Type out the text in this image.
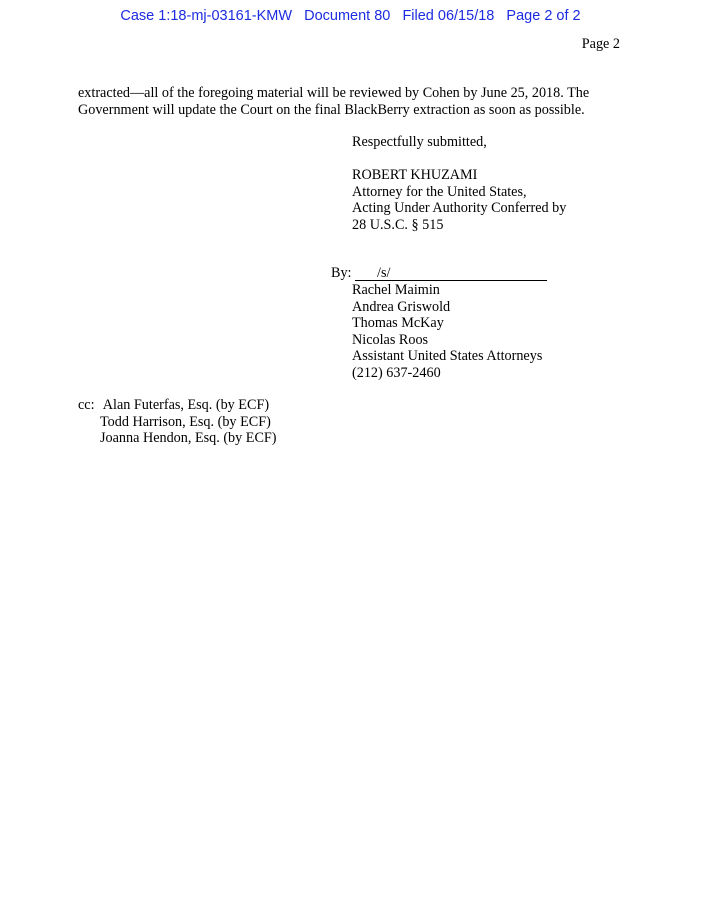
Case 1:18-mj-03161-KMW   Document 80   Filed 06/15/18   Page 2 of 2
Page 2

extracted—all of the foregoing material will be reviewed by Cohen by June 25, 2018. The Government will update the Court on the final BlackBerry extraction as soon as possible.

Respectfully submitted,
ROBERT KHUZAMI
Attorney for the United States,
Acting Under Authority Conferred by
28 U.S.C. § 515
By: /s/
Rachel Maimin
Andrea Griswold
Thomas McKay
Nicolas Roos
Assistant United States Attorneys
(212) 637-2460
cc: Alan Futerfas, Esq. (by ECF)
Todd Harrison, Esq. (by ECF)
Joanna Hendon, Esq. (by ECF)
